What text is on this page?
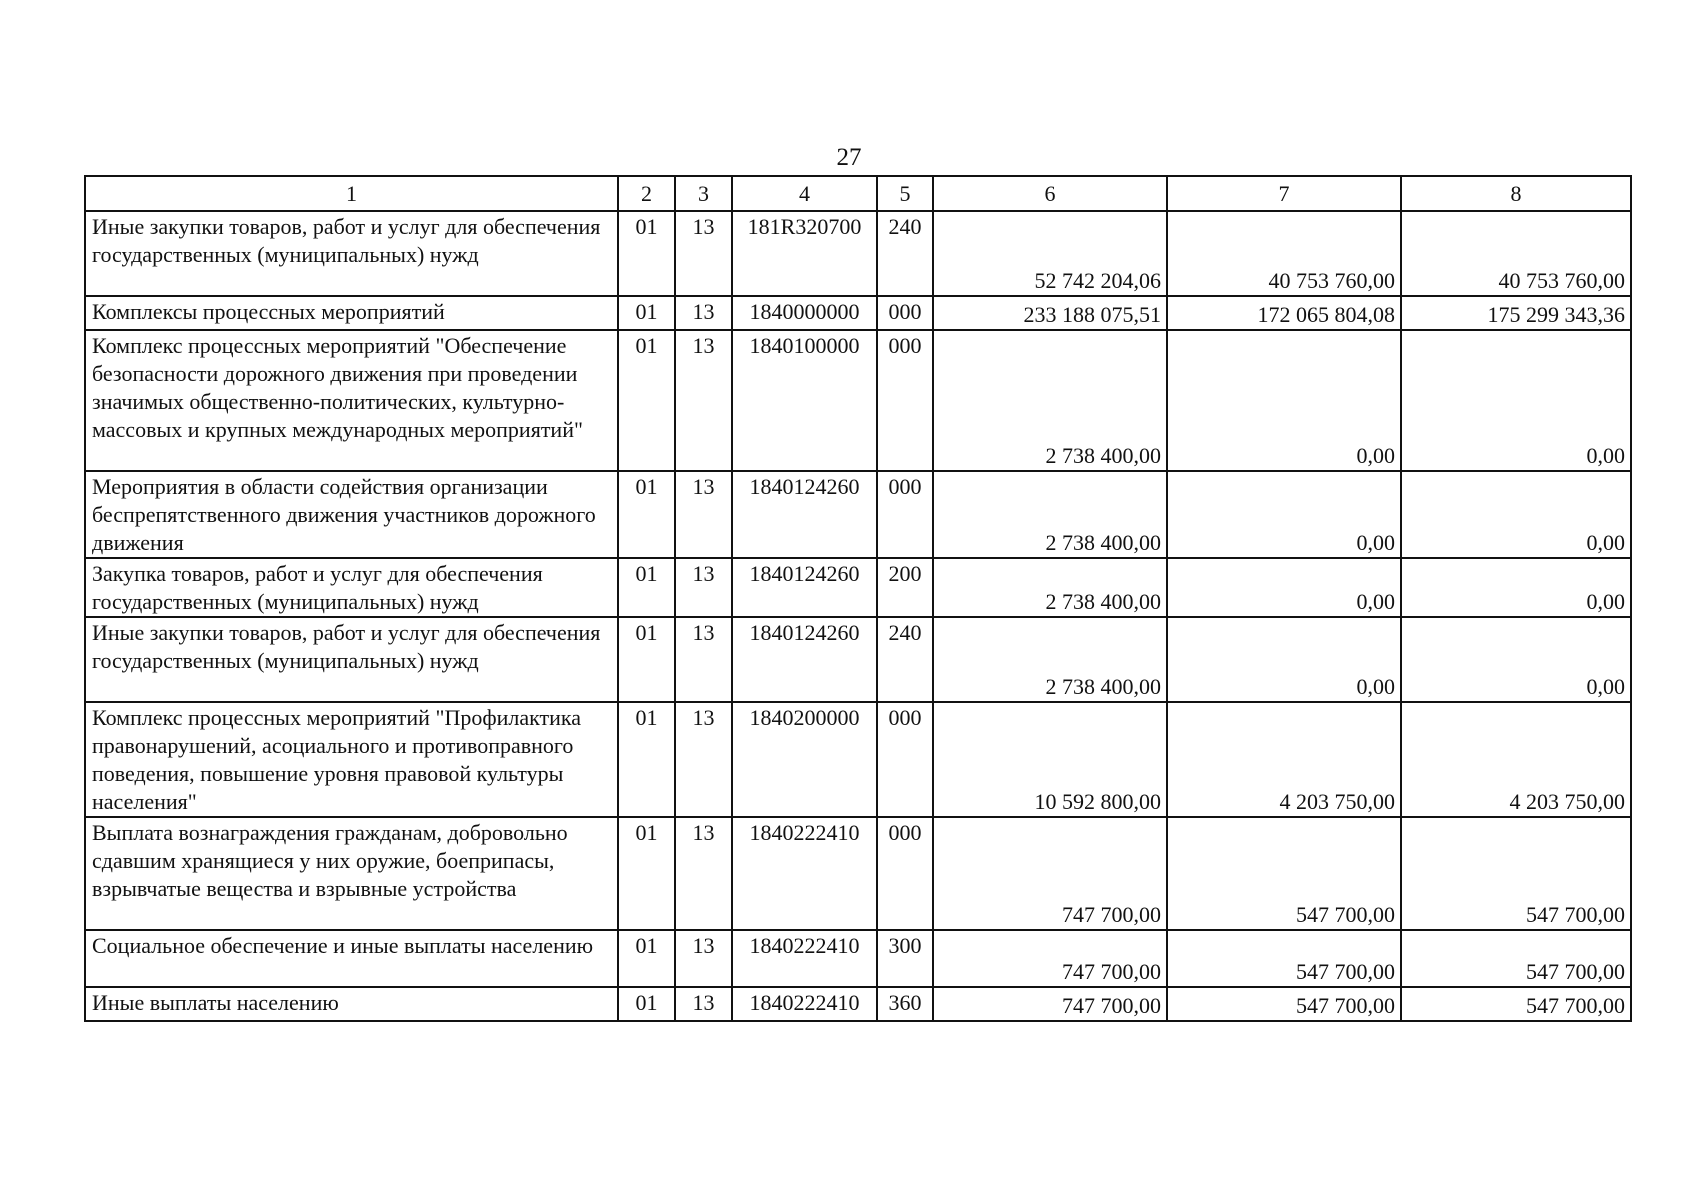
27
1	2	3	4	5	6	7	8
Иные закупки товаров, работ и услуг для обеспечения государственных (муниципальных) нужд	01	13	181R320700	240	52 742 204,06	40 753 760,00	40 753 760,00
Комплексы процессных мероприятий	01	13	1840000000	000	233 188 075,51	172 065 804,08	175 299 343,36
Комплекс процессных мероприятий "Обеспечение безопасности дорожного движения при проведении значимых общественно-политических, культурно-массовых и крупных международных мероприятий"	01	13	1840100000	000	2 738 400,00	0,00	0,00
Мероприятия в области содействия организации беспрепятственного движения участников дорожного движения	01	13	1840124260	000	2 738 400,00	0,00	0,00
Закупка товаров, работ и услуг для обеспечения государственных (муниципальных) нужд	01	13	1840124260	200	2 738 400,00	0,00	0,00
Иные закупки товаров, работ и услуг для обеспечения государственных (муниципальных) нужд	01	13	1840124260	240	2 738 400,00	0,00	0,00
Комплекс процессных мероприятий "Профилактика правонарушений, асоциального и противоправного поведения, повышение уровня правовой культуры населения"	01	13	1840200000	000	10 592 800,00	4 203 750,00	4 203 750,00
Выплата вознаграждения гражданам, добровольно сдавшим хранящиеся у них оружие, боеприпасы, взрывчатые вещества и взрывные устройства	01	13	1840222410	000	747 700,00	547 700,00	547 700,00
Социальное обеспечение и иные выплаты населению	01	13	1840222410	300	747 700,00	547 700,00	547 700,00
Иные выплаты населению	01	13	1840222410	360	747 700,00	547 700,00	547 700,00
